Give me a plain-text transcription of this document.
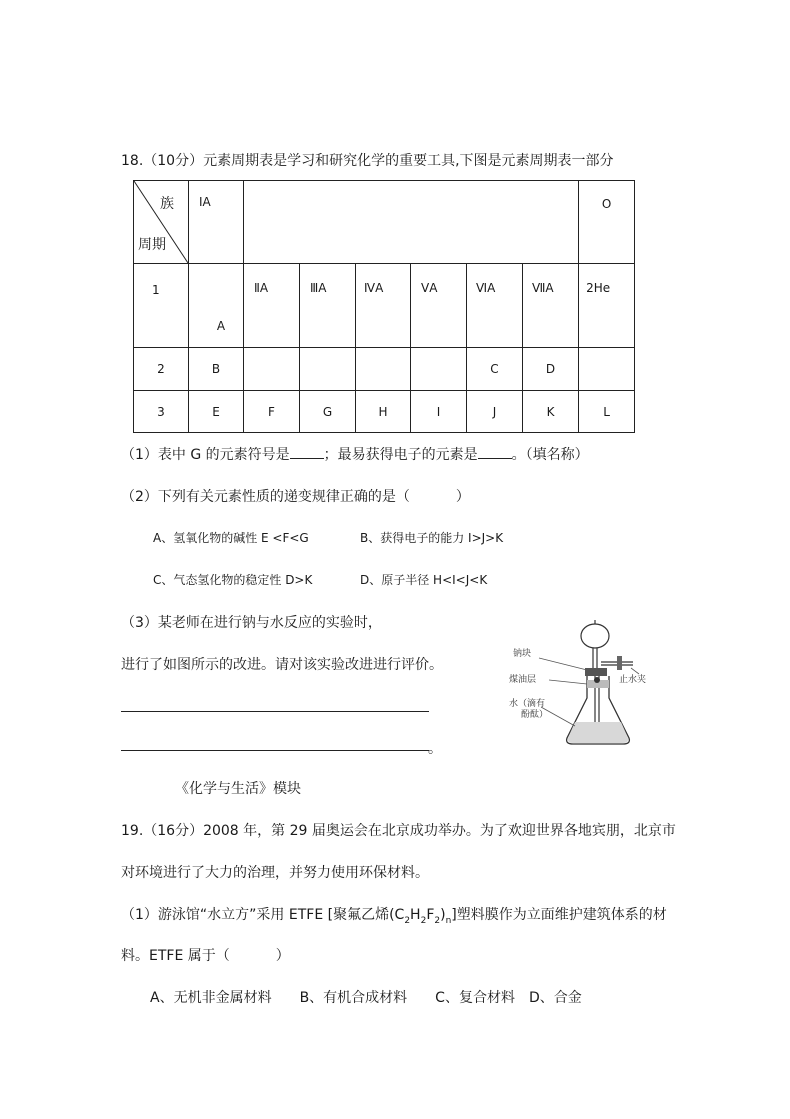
18.（10分）元素周期表是学习和研究化学的重要工具,下图是元素周期表一部分
族
周期	ⅠA							O
1	A	ⅡA	ⅢA	ⅣA	ⅤA	ⅥA	ⅦA	2He
2	B					C	D	
3	E	F	G	H	I	J	K	L
（1）表中 G 的元素符号是 ；最易获得电子的元素是 。（填名称）
（2）下列有关元素性质的递变规律正确的是（	）
A、氢氧化物的碱性 E <F<G	B、获得电子的能力 I>J>K
C、气态氢化物的稳定性 D>K	D、原子半径 H<I<J<K
（3）某老师在进行钠与水反应的实验时，
进行了如图所示的改进。请对该实验改进进行评价。
。
钠块
煤油层
水（滴有
酚酞）
止水夹
《化学与生活》模块
19.（16分）2008 年，第 29 届奥运会在北京成功举办。为了欢迎世界各地宾朋，北京市
对环境进行了大力的治理，并努力使用环保材料。
（1）游泳馆“水立方”采用 ETFE [聚氟乙烯$(C_2H_2F_2)_n$]塑料膜作为立面维护建筑体系的材
料。ETFE 属于（	）
A、无机非金属材料　　B、有机合成材料　　C、复合材料　D、合金
